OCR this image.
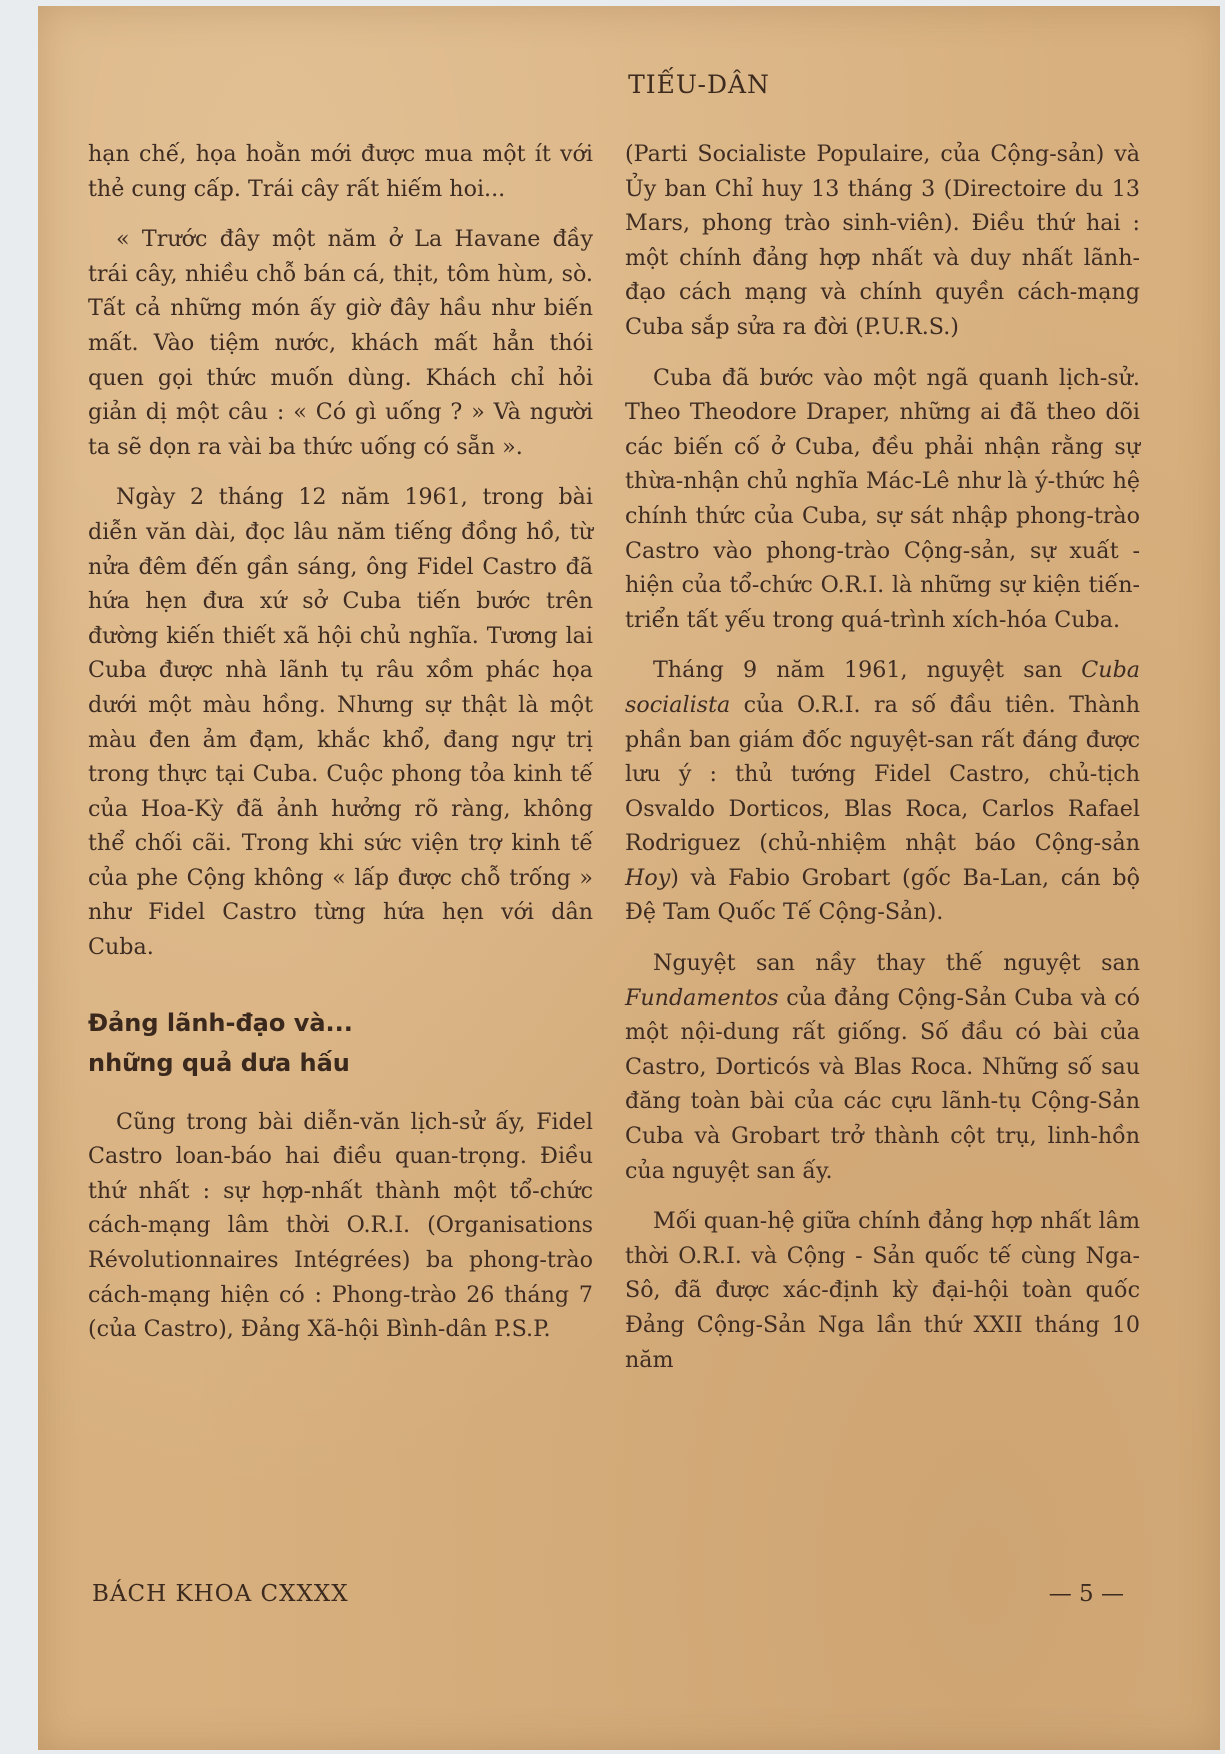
TIẾU-DÂN

hạn chế, họa hoằn mới được mua một ít với thẻ cung cấp. Trái cây rất hiếm hoi...

« Trước đây một năm ở La Havane đầy trái cây, nhiều chỗ bán cá, thịt, tôm hùm, sò. Tất cả những món ấy giờ đây hầu như biến mất. Vào tiệm nước, khách mất hẳn thói quen gọi thức muốn dùng. Khách chỉ hỏi giản dị một câu : « Có gì uống ? » Và người ta sẽ dọn ra vài ba thức uống có sẵn ».

Ngày 2 tháng 12 năm 1961, trong bài diễn văn dài, đọc lâu năm tiếng đồng hồ, từ nửa đêm đến gần sáng, ông Fidel Castro đã hứa hẹn đưa xứ sở Cuba tiến bước trên đường kiến thiết xã hội chủ nghĩa. Tương lai Cuba được nhà lãnh tụ râu xồm phác họa dưới một màu hồng. Nhưng sự thật là một màu đen ảm đạm, khắc khổ, đang ngự trị trong thực tại Cuba. Cuộc phong tỏa kinh tế của Hoa-Kỳ đã ảnh hưởng rõ ràng, không thể chối cãi. Trong khi sức viện trợ kinh tế của phe Cộng không « lấp được chỗ trống » như Fidel Castro từng hứa hẹn với dân Cuba.

Đảng lãnh-đạo và...
những quả dưa hấu

Cũng trong bài diễn-văn lịch-sử ấy, Fidel Castro loan-báo hai điều quan-trọng. Điều thứ nhất : sự hợp-nhất thành một tổ-chức cách-mạng lâm thời O.R.I. (Organisations Révolutionnaires Intégrées) ba phong-trào cách-mạng hiện có : Phong-trào 26 tháng 7 (của Castro), Đảng Xã-hội Bình-dân P.S.P.

(Parti Socialiste Populaire, của Cộng-sản) và Ủy ban Chỉ huy 13 tháng 3 (Directoire du 13 Mars, phong trào sinh-viên). Điều thứ hai : một chính đảng hợp nhất và duy nhất lãnh-đạo cách mạng và chính quyền cách-mạng Cuba sắp sửa ra đời (P.U.R.S.)

Cuba đã bước vào một ngã quanh lịch-sử. Theo Theodore Draper, những ai đã theo dõi các biến cố ở Cuba, đều phải nhận rằng sự thừa-nhận chủ nghĩa Mác-Lê như là ý-thức hệ chính thức của Cuba, sự sát nhập phong-trào Castro vào phong-trào Cộng-sản, sự xuất - hiện của tổ-chức O.R.I. là những sự kiện tiến-triển tất yếu trong quá-trình xích-hóa Cuba.

Tháng 9 năm 1961, nguyệt san Cuba socialista của O.R.I. ra số đầu tiên. Thành phần ban giám đốc nguyệt-san rất đáng được lưu ý : thủ tướng Fidel Castro, chủ-tịch Osvaldo Dorticos, Blas Roca, Carlos Rafael Rodriguez (chủ-nhiệm nhật báo Cộng-sản Hoy) và Fabio Grobart (gốc Ba-Lan, cán bộ Đệ Tam Quốc Tế Cộng-Sản).

Nguyệt san nầy thay thế nguyệt san Fundamentos của đảng Cộng-Sản Cuba và có một nội-dung rất giống. Số đầu có bài của Castro, Dorticós và Blas Roca. Những số sau đăng toàn bài của các cựu lãnh-tụ Cộng-Sản Cuba và Grobart trở thành cột trụ, linh-hồn của nguyệt san ấy.

Mối quan-hệ giữa chính đảng hợp nhất lâm thời O.R.I. và Cộng - Sản quốc tế cùng Nga-Sô, đã được xác-định kỳ đại-hội toàn quốc Đảng Cộng-Sản Nga lần thứ XXII tháng 10 năm

BÁCH KHOA CXXXX	— 5 —
